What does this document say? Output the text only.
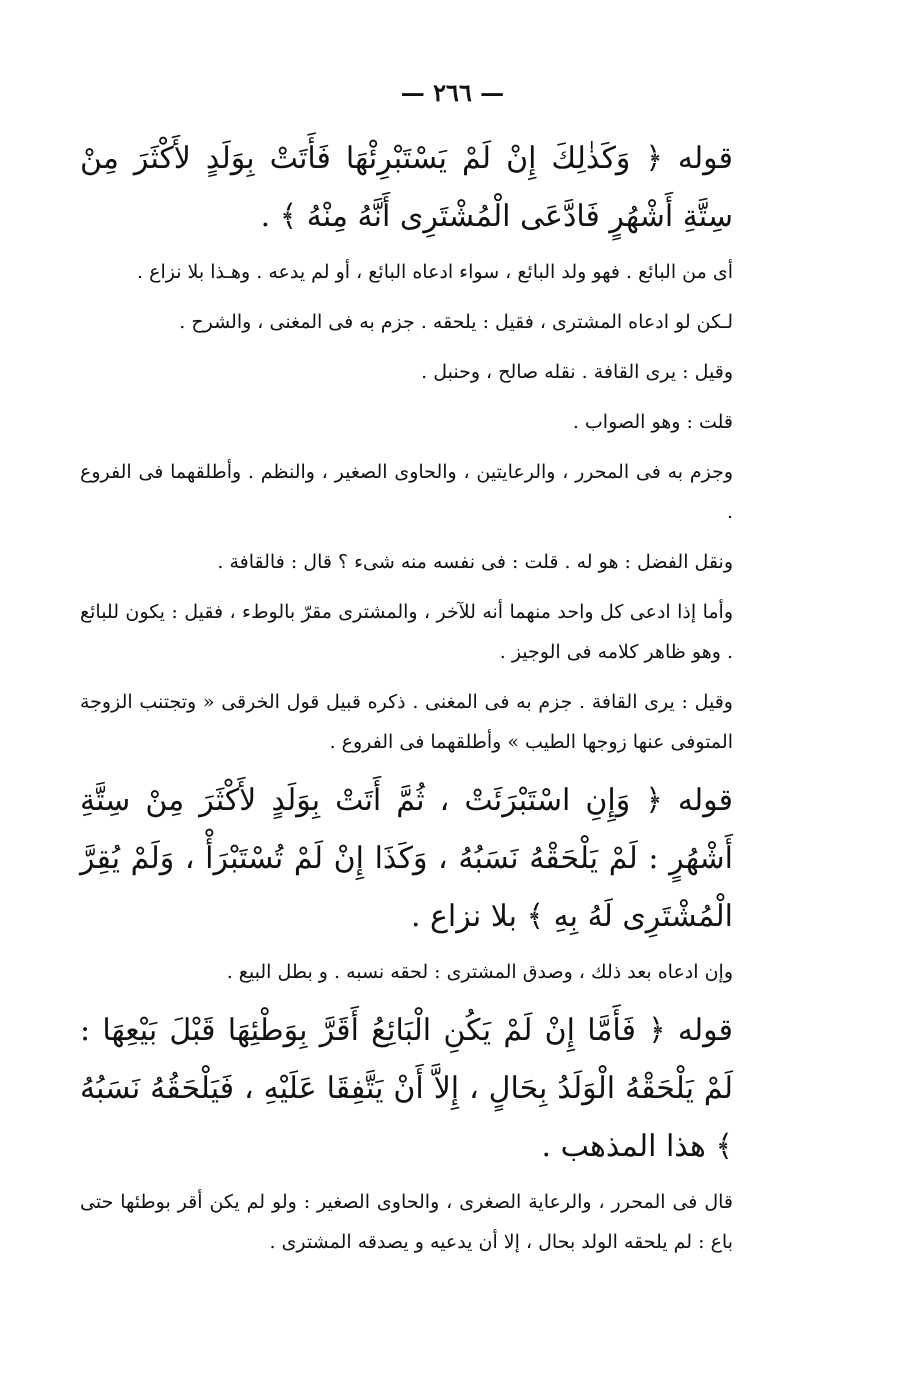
— ٢٦٦ —

قوله ﴿ وَكَذٰلِكَ إِنْ لَمْ يَسْتَبْرِئْهَا فَأَتَتْ بِوَلَدٍ لأَكْثَرَ مِنْ سِتَّةِ أَشْهُرٍ فَادَّعَى الْمُشْتَرِى أَنَّهُ مِنْهُ ﴾ .

أى من البائع . فهو ولد البائع ، سواء ادعاه البائع ، أو لم يدعه . وهـذا بلا نزاع .

لـكن لو ادعاه المشترى ، فقيل : يلحقه . جزم به فى المغنى ، والشرح .

وقيل : يرى القافة . نقله صالح ، وحنبل .

قلت : وهو الصواب .

وجزم به فى المحرر ، والرعايتين ، والحاوى الصغير ، والنظم . وأطلقهما فى الفروع .

ونقل الفضل : هو له . قلت : فى نفسه منه شىء ؟ قال : فالقافة .

وأما إذا ادعى كل واحد منهما أنه للآخر ، والمشترى مقرّ بالوطء ، فقيل : يكون للبائع . وهو ظاهر كلامه فى الوجيز .

وقيل : يرى القافة . جزم به فى المغنى . ذكره قبيل قول الخرقى « وتجتنب الزوجة المتوفى عنها زوجها الطيب » وأطلقهما فى الفروع .

قوله ﴿ وَإِنِ اسْتَبْرَئَتْ ، ثُمَّ أَتَتْ بِوَلَدٍ لأَكْثَرَ مِنْ سِتَّةِ أَشْهُرٍ : لَمْ يَلْحَقْهُ نَسَبُهُ ، وَكَذَا إِنْ لَمْ تُسْتَبْرَأْ ، وَلَمْ يُقِرَّ الْمُشْتَرِى لَهُ بِهِ ﴾ بلا نزاع .

وإن ادعاه بعد ذلك ، وصدق المشترى : لحقه نسبه . و بطل البيع .

قوله ﴿ فَأَمَّا إِنْ لَمْ يَكُنِ الْبَائِعُ أَقَرَّ بِوَطْئِهَا قَبْلَ بَيْعِهَا : لَمْ يَلْحَقْهُ الْوَلَدُ بِحَالٍ ، إِلاَّ أَنْ يَتَّفِقَا عَلَيْهِ ، فَيَلْحَقُهُ نَسَبُهُ ﴾ هذا المذهب .

قال فى المحرر ، والرعاية الصغرى ، والحاوى الصغير : ولو لم يكن أقر بوطئها حتى باع : لم يلحقه الولد بحال ، إلا أن يدعيه و يصدقه المشترى .
